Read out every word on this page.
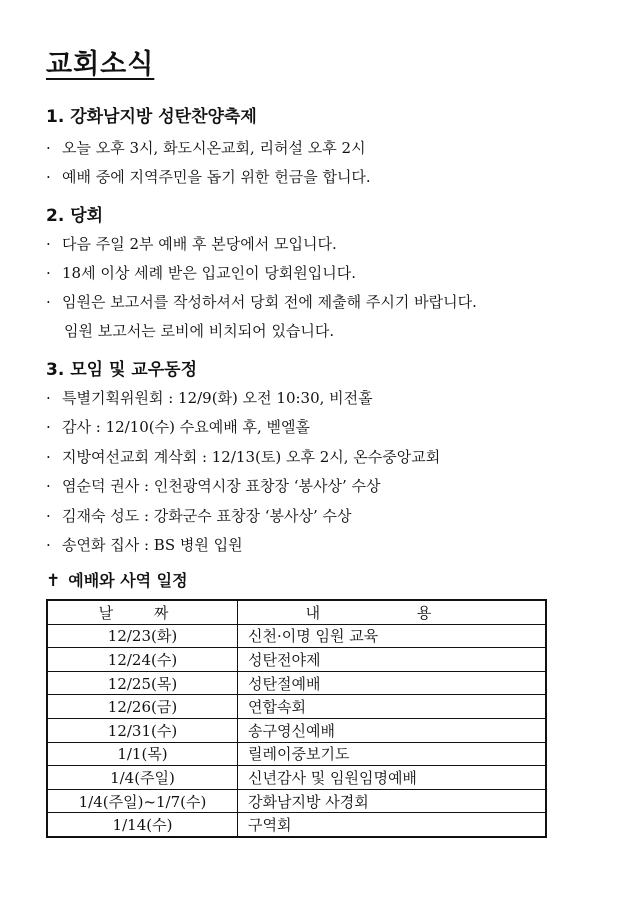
교회소식
1. 강화남지방 성탄찬양축제
· 오늘 오후 3시, 화도시온교회, 리허설 오후 2시
· 예배 중에 지역주민을 돕기 위한 헌금을 합니다.
2. 당회
· 다음 주일 2부 예배 후 본당에서 모입니다.
· 18세 이상 세례 받은 입교인이 당회원입니다.
· 임원은 보고서를 작성하셔서 당회 전에 제출해 주시기 바랍니다.
임원 보고서는 로비에 비치되어 있습니다.
3. 모임 및 교우동정
· 특별기획위원회 : 12/9(화) 오전 10:30, 비전홀
· 감사 : 12/10(수) 수요예배 후, 벧엘홀
· 지방여선교회 계삭회 : 12/13(토) 오후 2시, 온수중앙교회
· 염순덕 권사 : 인천광역시장 표창장 ‘봉사상’ 수상
· 김재숙 성도 : 강화군수 표창장 ‘봉사상’ 수상
· 송연화 집사 : BS 병원 입원
✝ 예배와 사역 일정
날 짜	내 용
12/23(화)	신천·이명 임원 교육
12/24(수)	성탄전야제
12/25(목)	성탄절예배
12/26(금)	연합속회
12/31(수)	송구영신예배
1/1(목)	릴레이중보기도
1/4(주일)	신년감사 및 임원임명예배
1/4(주일)~1/7(수)	강화남지방 사경회
1/14(수)	구역회
